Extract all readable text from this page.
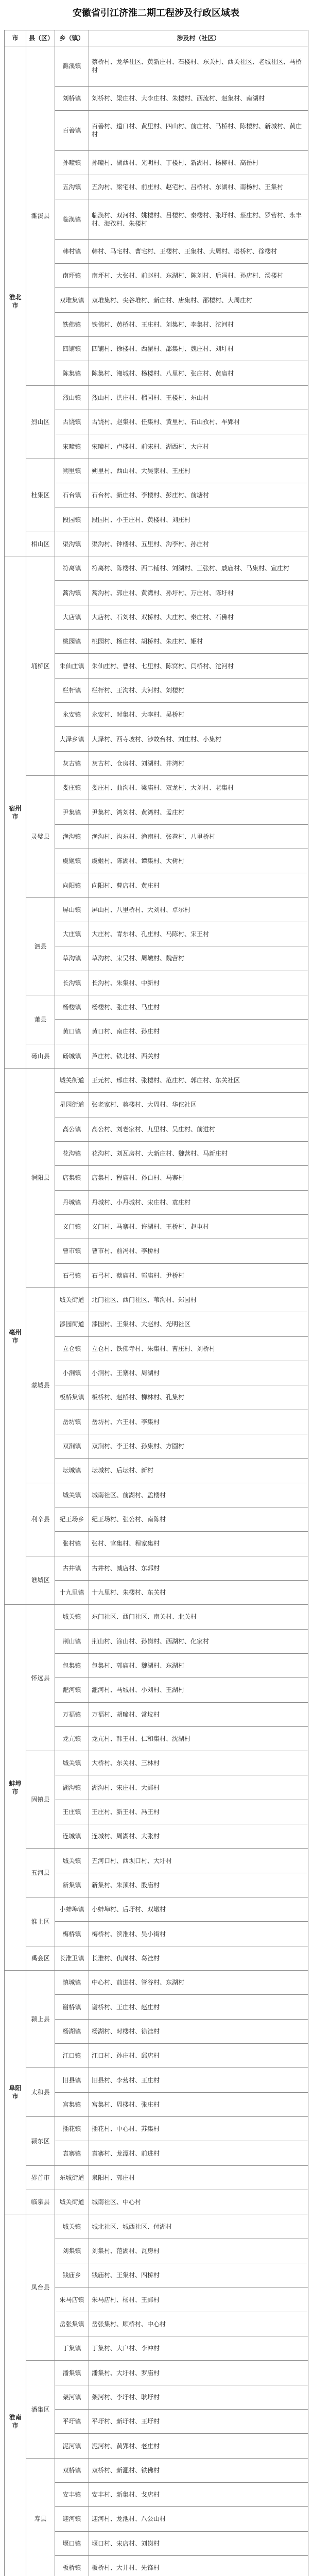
安徽省引江济淮二期工程涉及行政区域表
市	县（区）	乡（镇）	涉及村（社区）
淮北市	濉溪县	濉溪镇	蔡桥村、龙华社区、黄新庄村、石楼村、东关村、西关社区、老城社区、马桥村
		刘桥镇	刘桥村、梁庄村、大李庄村、朱楼村、西流村、赵集村、南湖村
		百善镇	百善村、道口村、黄里村、四山村、前庄村、马桥村、陈楼村、新城村、黄庄村
		孙疃镇	孙疃村、湖西村、光明村、丁楼村、新湖村、杨柳村、高岳村
		五沟镇	五沟村、梁宅村、前庄村、赵宅村、吕桥村、东湖村、南杨村、王集村
		临涣镇	临涣村、双河村、姚楼村、吕楼村、秦楼村、张圩村、蔡庄村、罗营村、永丰村、海孜村、朱楼村
		韩村镇	韩村、马宅村、曹宅村、王楼村、王集村、大周村、塔桥村、徐楼村
		南坪镇	南坪村、大张村、前赵村、东湖村、陈刘村、后冯村、孙店村、汤楼村
		双堆集镇	双堆集村、尖谷堆村、新庄村、唐集村、邵楼村、大周庄村
		铁佛镇	铁佛村、黄桥村、王庄村、刘集村、李集村、沱河村
		四铺镇	四铺村、徐楼村、西翟村、邵集村、魏庄村、刘圩村
		陈集镇	陈集村、湘城村、杨楼村、八里村、张庄村、黄庙村
	烈山区	烈山镇	烈山村、洪庄村、榴园村、王楼村、东山村
		古饶镇	古饶村、赵集村、任集村、黄里村、石山孜村、车郢村
		宋疃镇	宋疃村、卢楼村、前宋村、湖西村、大庄村
	杜集区	朔里镇	朔里村、西山村、大吴家村、王庄村
		石台镇	石台村、新庄村、李楼村、彭庄村、前塘村
		段园镇	段园村、小王庄村、黄楼村、刘庄村
	相山区	渠沟镇	渠沟村、钟楼村、五里村、沟李村、孙庄村
宿州市	埇桥区	符离镇	符离村、陈楼村、西二铺村、刘湖村、三张村、戚庙村、马集村、宣庄村
		蒿沟镇	蒿沟村、郭庄村、黄湾村、孙圩村、万庄村、陈圩村
		大店镇	大店村、石刘村、双桥村、大庄村、秦庄村、石佛村
		桃园镇	桃园村、杨庄村、胡桥村、朱庄村、姬村
		朱仙庄镇	朱仙庄村、曹村、七里村、陈窝村、闫桥村、沱河村
		栏杆镇	栏杆村、王沟村、大河村、刘楼村
		永安镇	永安村、时集村、大李村、吴桥村
		大泽乡镇	大泽村、西寺坡村、涉故台村、刘庄村、小集村
		灰古镇	灰古村、仓房村、刘湖村、井湾村
	灵璧县	娄庄镇	娄庄村、曲沟村、梁庙村、双龙村、大刘村、老集村
		尹集镇	尹集村、湾刘村、黄湾村、孟庄村
		渔沟镇	渔沟村、沟东村、渔南村、张巷村、八里桥村
		虞姬镇	虞姬村、陈湖村、谭集村、大树村
		向阳镇	向阳村、曹店村、黄庄村
	泗县	屏山镇	屏山村、八里桥村、大刘村、卓尔村
		大庄镇	大庄村、青东村、孔庄村、马陈村、宋王村
		草沟镇	草沟村、宋吴村、周墩村、魏营村
		长沟镇	长沟村、朱集村、中新村
	萧县	杨楼镇	杨楼村、张庄村、马庄村
		黄口镇	黄口村、南庄村、孙庄村
	砀山县	砀城镇	芦庄村、铁北村、西关村
亳州市	涡阳县	城关街道	王元村、邢庄村、张楼村、范庄村、郭庄村、东关社区
		星园街道	张老家村、蒋楼村、大周村、华佗社区
		高公镇	高公村、刘老家村、九里村、吴庄村、前进村
		花沟镇	花沟村、刘瓦房村、大新庄村、魏营村、马新庄村
		店集镇	店集村、程庙村、孙白村、马寨村
		丹城镇	丹城村、小丹城村、宋庄村、袁庄村
		义门镇	义门村、马寨村、许湖村、王桥村、赵屯村
		曹市镇	曹市村、前冯村、李桥村
		石弓镇	石弓村、蔡庙村、郭庙村、尹桥村
	蒙城县	城关街道	北门社区、西门社区、苇沟村、郑园村
		漆园街道	漆园村、王集村、大赵村、光明社区
		立仓镇	立仓村、铁佛寺村、朱集村、曹庄村、刘桥村
		小涧镇	小涧村、王寨村、周湖村
		板桥集镇	板桥村、赵桥村、柳林村、孔集村
		岳坊镇	岳坊村、六王村、李集村
		双涧镇	双涧村、李王村、孙集村、方圆村
		坛城镇	坛城村、后坛村、新村
	利辛县	城关镇	城南社区、前湖村、孟楼村
		纪王场乡	纪王场村、张公村、南陈村
		张村镇	张村、官集村、程家集村
	谯城区	古井镇	古井村、减店村、东郭村
		十九里镇	十九里村、朱楼村、东关村
蚌埠市	怀远县	城关镇	东门社区、西门社区、南关村、北关村
		荆山镇	荆山村、涂山村、孙岗村、西湖村、化家村
		包集镇	包集村、郭庙村、魏湖村、东湖村
		淝河镇	淝河村、马城村、小刘村、王湖村
		万福镇	万福村、胡疃村、常坟村
		龙亢镇	龙亢村、韩王村、仁和集村、沈湖村
	固镇县	城关镇	大桥村、东关村、三林村
		湖沟镇	湖沟村、宋庄村、大郢村
		王庄镇	王庄村、新王村、冯王村
		连城镇	连城村、周湖村、大张村
	五河县	城关镇	五河口村、西坝口村、大圩村
		新集镇	新集村、朱顶村、殷庙村
	淮上区	小蚌埠镇	小蚌埠村、后圩村、双墩村
		梅桥镇	梅桥村、滨淮村、吴小街村
	禹会区	长淮卫镇	长淮村、仇岗村、葛洼村
阜阳市	颍上县	慎城镇	中心村、前进村、管谷村、东湖村
		谢桥镇	谢桥村、王庄村、赵庄村
		杨湖镇	杨湖村、时楼村、徐洼村
		江口镇	江口村、孙庄村、邱店村
	太和县	旧县镇	旧县村、李营村、王庄村
		宫集镇	宫集村、周楼村、张庄村
	颍东区	插花镇	插花村、中心村、苏集村
		袁寨镇	袁寨村、龙潭村、前进村
	界首市	东城街道	泉阳村、郭庄村
	临泉县	城关街道	城南社区、中心村
淮南市	凤台县	城关镇	城北社区、城西社区、付湖村
		刘集镇	刘集村、范湖村、瓦房村
		钱庙乡	钱庙村、王集村、四桥村
		朱马店镇	朱马店村、杨村、王郢村
		岳张集镇	岳张集村、顾桥村、中心村
		丁集镇	丁集村、大户村、李冲村
	潘集区	潘集镇	潘集村、大圩村、罗庙村
		架河镇	架河村、李圩村、耿圩村
		平圩镇	平圩村、新圩村、王圩村
		泥河镇	泥河村、黄郢村、老庄村
	寿县	双桥镇	双桥村、新淝村、铁佛村
		安丰镇	安丰村、新集村、戈店村
		迎河镇	迎河村、龙池村、八公山村
		堰口镇	堰口村、宋店村、刘岗村
		板桥镇	板桥村、大井村、先锋村
